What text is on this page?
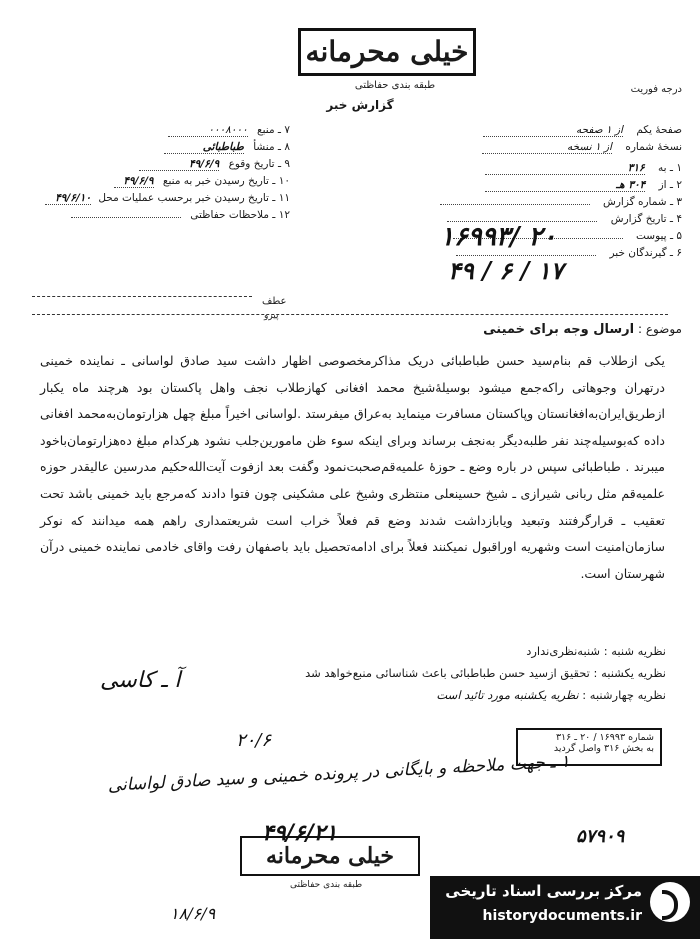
خیلی محرمانه
طبقه بندی حفاظتی
گزارش خبر
درجه فوریت
صفحهٔ یکم از ۱ صفحه
نسخهٔ شماره از ۱ نسخه
۱ ـ به ۳۱۶
۲ ـ از ۳۰۴ هـ
۳ ـ شماره گزارش
۴ ـ تاریخ گزارش
۵ ـ پیوست
۶ ـ گیرندگان خبر
۱۶۹۹۳/ ۲۰
۴۹ / ۶ / ۱۷
۷ ـ منبع ۰۰۰۸۰۰۰
۸ ـ منشأ طباطبائی
۹ ـ تاریخ وقوع ۴۹/۶/۹
۱۰ ـ تاریخ رسیدن خبر به منبع ۴۹/۶/۹
۱۱ ـ تاریخ رسیدن خبر برحسب عملیات محل ۴۹/۶/۱۰
۱۲ ـ ملاحظات حفاظتی
عطف
پیرو
موضوع : ارسال وجه برای خمینی

یکی ازطلاب قم بنام‌سید حسن طباطبائی دریک مذاکرمخصوصی اظهار داشت سید صادق لواسانی ـ نماینده خمینی درتهران وجوهاتی راکه‌جمع میشود بوسیلهٔ‌شیخ محمد افغانی کهازطلاب نجف واهل پاکستان بود هرچند ماه یکبار ازطریق‌ایران‌به‌افغانستان وپاکستان مسافرت مینماید به‌عراق میفرستد .لواسانی اخیراً مبلغ‌ چهل هزارتومان‌به‌محمد افغانی داده که‌بوسیله‌چند نفر طلبه‌دیگر به‌نجف برساند وبرای اینکه سوء ظن مامورین‌جلب نشود هرکدام مبلغ ده‌هزارتومان‌باخود میبرند . طباطبائی سپس در باره وضع ـ حوزهٔ علمیه‌قم‌صحبت‌نمود وگفت بعد ازفوت آیت‌الله‌حکیم مدرسین عالیقدر حوزه علمیه‌قم‌ مثل ربانی شیرازی ـ شیخ حسینعلی منتظری وشیخ علی مشکینی چون فتوا دادند که‌مرجع باید خمینی باشد تحت تعقیب ـ قرار‌گرفتند وتبعید ویا‌بازداشت شدند وضع قم فعلاً خراب است شریعتمداری راهم همه میدانند که نوکر سازمان‌امنیت است وشهریه اوراقبول نمیکنند فعلاً برای ادامه‌تحصیل باید باصفهان رفت واقای خادمی نماینده خمینی درآن شهرستان است.

نظریه شنبه : شنبه‌نظری‌ندارد
نظریه یکشنبه : تحقیق ازسید حسن طباطبائی باعث شناسائی منبع‌خواهد شد
نظریه چهارشنبه : نظریه یکشنبه مورد تائید است
آ ـ کاسی
شماره ۱۶۹۹۳ / ۲۰ ـ ۳۱۶
به بخش ۳۱۶ واصل گردید
۲۰/۶
۱ ـ جهت ملاحظه و بایگانی در پرونده خمینی و سید صادق لواسانی
۴۹/۶/۲۱	۵۷۹۰۹
خیلی محرمانه
طبقه بندی حفاظتی
۱۸/۶/۹
مرکز بررسی اسناد تاریخی
historydocuments.ir
